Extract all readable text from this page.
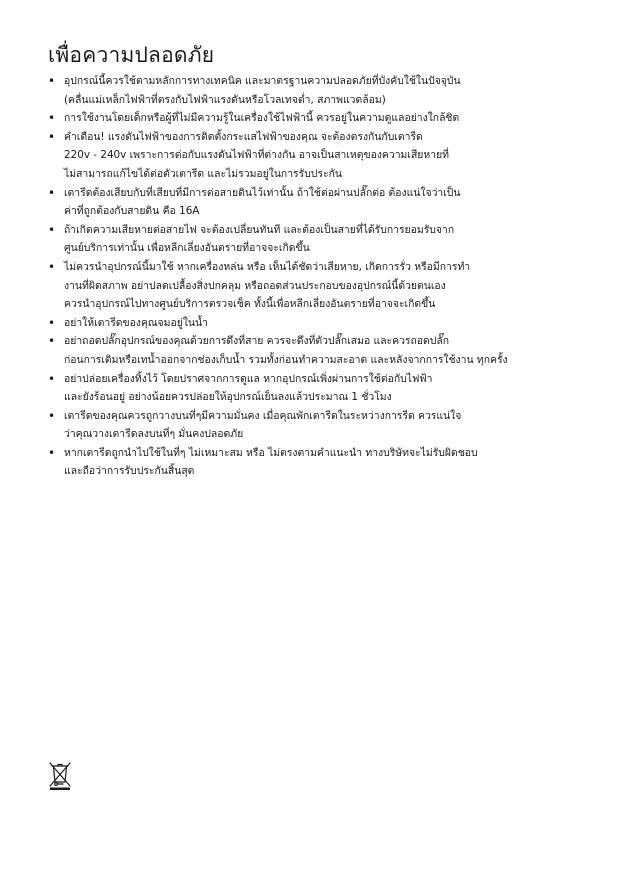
เพื่อความปลอดภัย
• อุปกรณ์นี้ควรใช้ตามหลักการทางเทคนิค และมาตรฐานความปลอดภัยที่บังคับใช้ในปัจจุบัน
(คลื่นแม่เหล็กไฟฟ้าที่ตรงกับไฟฟ้าแรงดันหรือโวลเทจต่ำ, สภาพแวดล้อม)
• การใช้งานโดยเด็กหรือผู้ที่ไม่มีความรู้ในเครื่องใช้ไฟฟ้านี้ ควรอยู่ในความดูแลอย่างใกล้ชิด
• คำเตือน! แรงดันไฟฟ้าของการติดตั้งกระแสไฟฟ้าของคุณ จะต้องตรงกันกับเตารีด
220v - 240v เพราะการต่อกับแรงดันไฟฟ้าที่ต่างกัน อาจเป็นสาเหตุของความเสียหายที่
ไม่สามารถแก้ไขได้ต่อตัวเตารีด และไม่รวมอยู่ในการรับประกัน
• เตารีดต้องเสียบกับที่เสียบที่มีการต่อสายดินไว้เท่านั้น ถ้าใช้ต่อผ่านปลั๊กต่อ ต้องแน่ใจว่าเป็น
ค่าที่ถูกต้องกับสายดิน คือ 16A
• ถ้าเกิดความเสียหายต่อสายไฟ จะต้องเปลี่ยนทันที และต้องเป็นสายที่ได้รับการยอมรับจาก
ศูนย์บริการเท่านั้น เพื่อหลีกเลี่ยงอันตรายที่อาจจะเกิดขึ้น
• ไม่ควรนำอุปกรณ์นี้มาใช้ หากเครื่องหล่น หรือ เห็นได้ชัดว่าเสียหาย, เกิดการรั่ว หรือมีการทำ
งานที่ผิดสภาพ อย่าปลดเปลื้องสิ่งปกคลุม หรือถอดส่วนประกอบของอุปกรณ์นี้ด้วยตนเอง
ควรนำอุปกรณ์ไปทางศูนย์บริการตรวจเช็ค ทั้งนี้เพื่อหลีกเลี่ยงอันตรายที่อาจจะเกิดขึ้น
• อย่าให้เตารีดของคุณจมอยู่ในน้ำ
• อย่าถอดปลั๊กอุปกรณ์ของคุณด้วยการดึงที่สาย ควรจะดึงที่ตัวปลั๊กเสมอ และควรถอดปลั๊ก
ก่อนการเติมหรือเทน้ำออกจากช่องเก็บน้ำ รวมทั้งก่อนทำความสะอาด และหลังจากการใช้งาน ทุกครั้ง
• อย่าปล่อยเครื่องทิ้งไว้ โดยปราศจากการดูแล หากอุปกรณ์เพิ่งผ่านการใช้ต่อกับไฟฟ้า
และยังร้อนอยู่ อย่างน้อยควรปล่อยให้อุปกรณ์เย็นลงแล้วประมาณ 1 ชั่วโมง
• เตารีดของคุณควรถูกวางบนที่ๆมีความมั่นคง เมื่อคุณพักเตารีดในระหว่างการรีด ควรแน่ใจ
ว่าคุณวางเตารีดลงบนที่ๆ มั่นคงปลอดภัย
• หากเตารีดถูกนำไปใช้ในที่ๆ ไม่เหมาะสม หรือ ไม่ตรงตามคำแนะนำ ทางบริษัทจะไม่รับผิดชอบ
และถือว่าการรับประกันสิ้นสุด
